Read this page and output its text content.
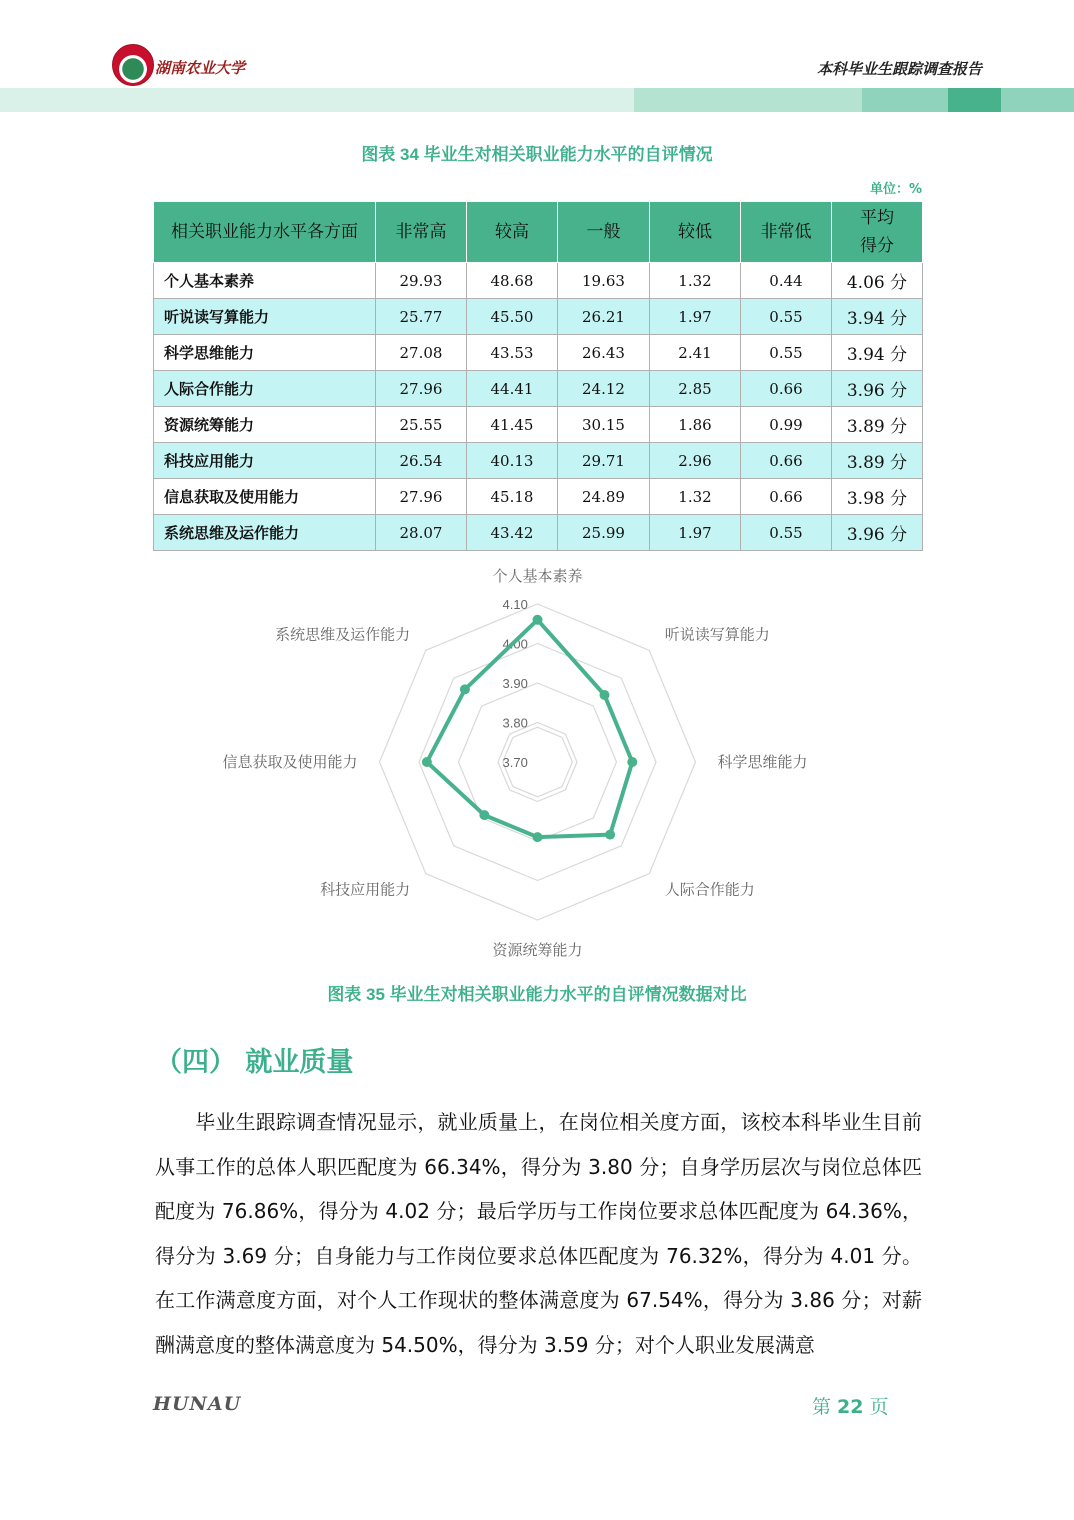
湖南农业大学	本科毕业生跟踪调查报告
图表 34 毕业生对相关职业能力水平的自评情况
单位：%
相关职业能力水平各方面	非常高	较高	一般	较低	非常低	平均
得分
个人基本素养	29.93	48.68	19.63	1.32	0.44	4.06 分
听说读写算能力	25.77	45.50	26.21	1.97	0.55	3.94 分
科学思维能力	27.08	43.53	26.43	2.41	0.55	3.94 分
人际合作能力	27.96	44.41	24.12	2.85	0.66	3.96 分
资源统筹能力	25.55	41.45	30.15	1.86	0.99	3.89 分
科技应用能力	26.54	40.13	29.71	2.96	0.66	3.89 分
信息获取及使用能力	27.96	45.18	24.89	1.32	0.66	3.98 分
系统思维及运作能力	28.07	43.42	25.99	1.97	0.55	3.96 分
3.70
3.80
3.90
4.00
4.10
个人基本素养
听说读写算能力
科学思维能力
人际合作能力
资源统筹能力
科技应用能力
信息获取及使用能力
系统思维及运作能力
图表 35 毕业生对相关职业能力水平的自评情况数据对比
（四） 就业质量
毕业生跟踪调查情况显示，就业质量上，在岗位相关度方面，该校本科毕业生目前从事工作的总体人职匹配度为 66.34%，得分为 3.80 分；自身学历层次与岗位总体匹配度为 76.86%，得分为 4.02 分；最后学历与工作岗位要求总体匹配度为 64.36%，得分为 3.69 分；自身能力与工作岗位要求总体匹配度为 76.32%，得分为 4.01 分。在工作满意度方面，对个人工作现状的整体满意度为 67.54%，得分为 3.86 分；对薪酬满意度的整体满意度为 54.50%，得分为 3.59 分；对个人职业发展满意
HUNAU	第 22 页
